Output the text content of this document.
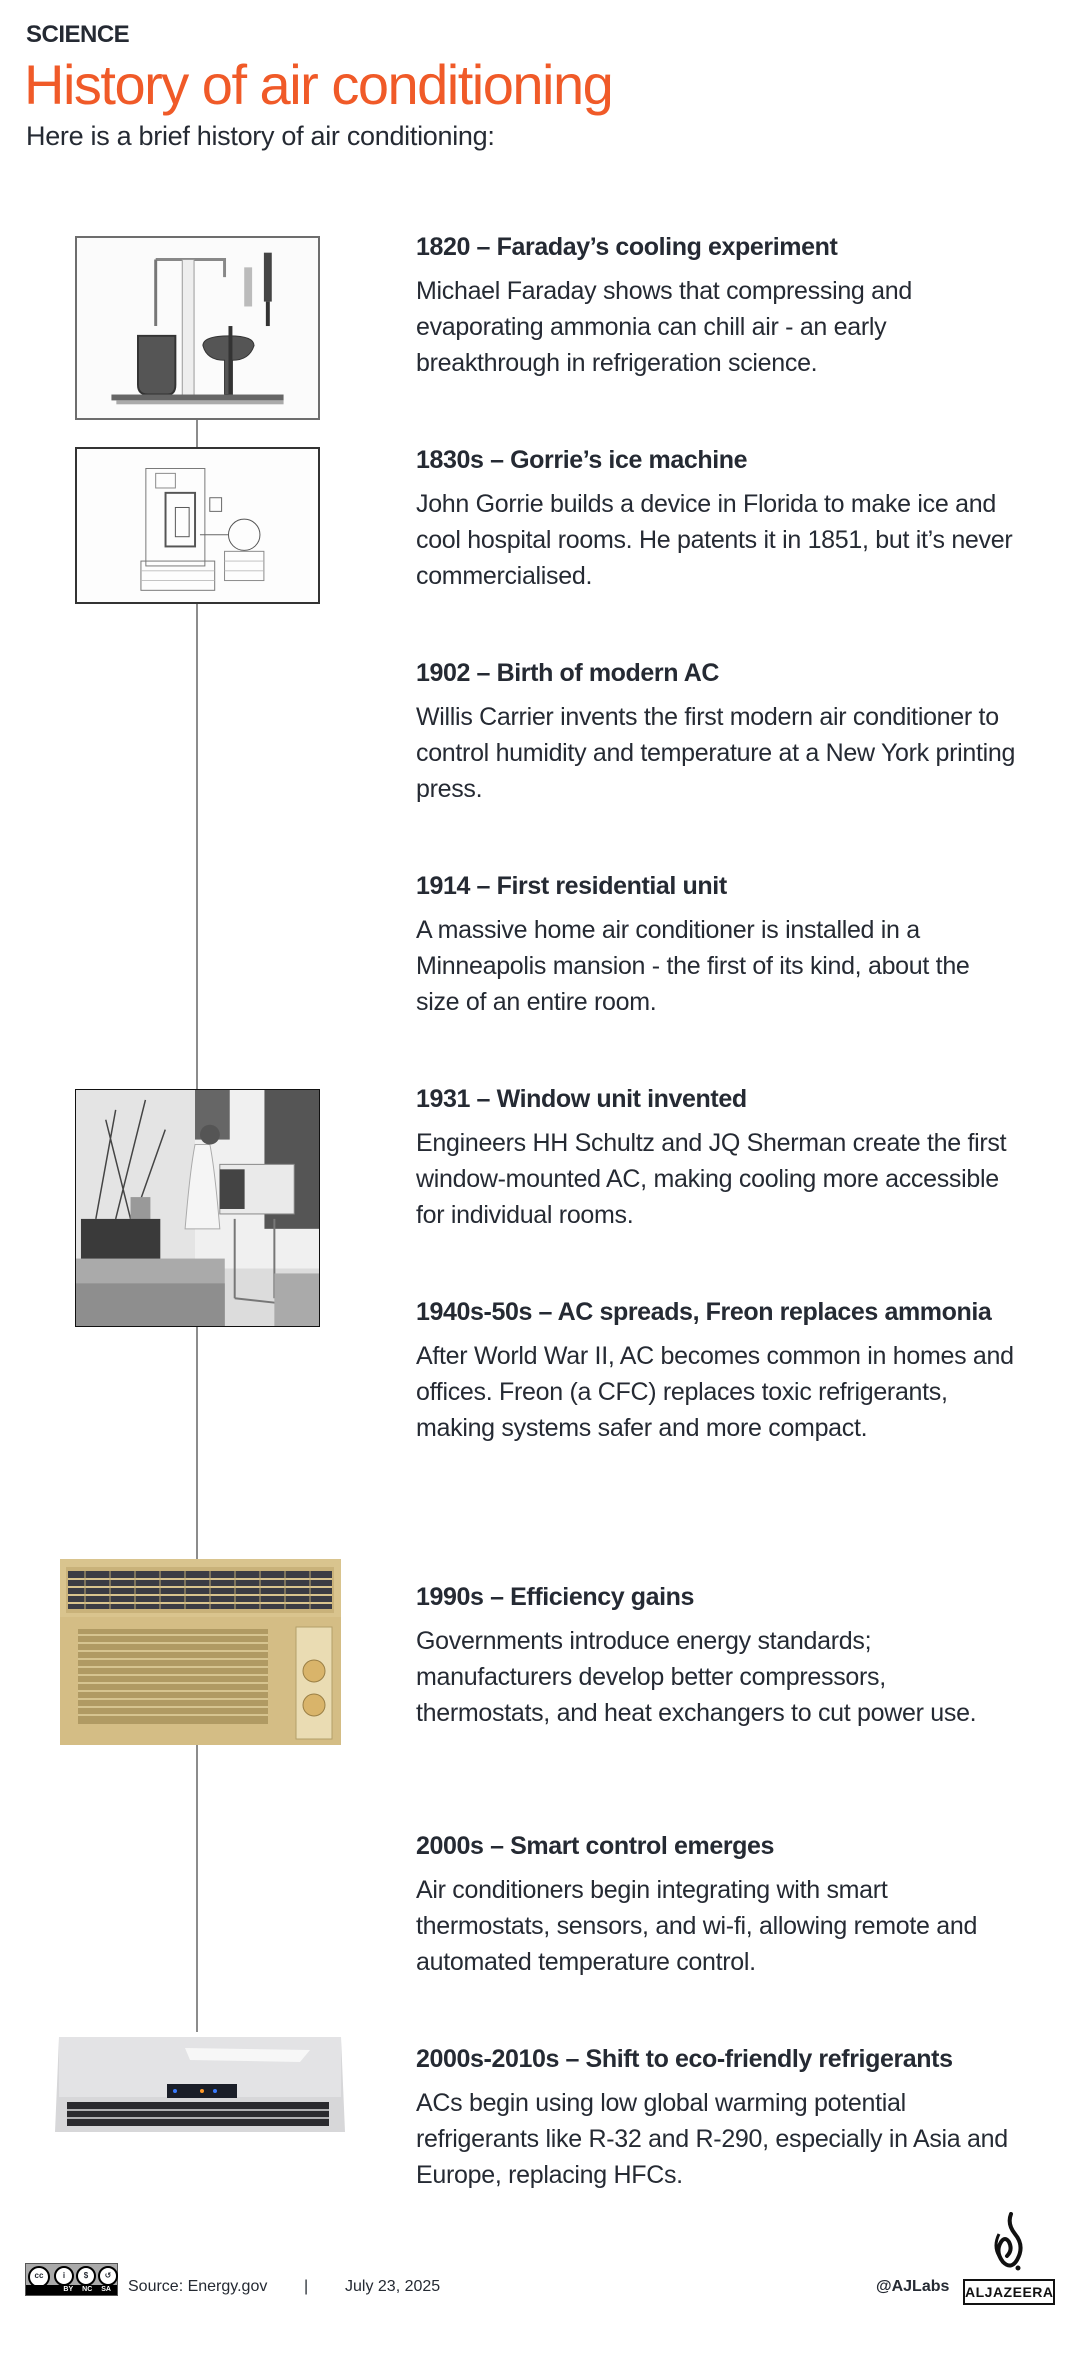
SCIENCE
History of air conditioning
Here is a brief history of air conditioning:
1820 – Faraday’s cooling experiment
Michael Faraday shows that compressing and evaporating ammonia can chill air - an early breakthrough in refrigeration science.
1830s – Gorrie’s ice machine
John Gorrie builds a device in Florida to make ice and cool hospital rooms. He patents it in 1851, but it’s never commercialised.
1902 – Birth of modern AC
Willis Carrier invents the first modern air conditioner to control humidity and temperature at a New York printing press.
1914 – First residential unit
A massive home air conditioner is installed in a Minneapolis mansion - the first of its kind, about the size of an entire room.
1931 – Window unit invented
Engineers HH Schultz and JQ Sherman create the first window-mounted AC, making cooling more accessible for individual rooms.
1940s-50s – AC spreads, Freon replaces ammonia
After World War II, AC becomes common in homes and offices. Freon (a CFC) replaces toxic refrigerants, making systems safer and more compact.
1990s – Efficiency gains
Governments introduce energy standards; manufacturers develop better compressors, thermostats, and heat exchangers to cut power use.
2000s – Smart control emerges
Air conditioners begin integrating with smart thermostats, sensors, and wi-fi, allowing remote and automated temperature control.
2000s-2010s – Shift to eco-friendly refrigerants
ACs begin using low global warming potential refrigerants like R-32 and R-290, especially in Asia and Europe, replacing HFCs.
cc	i	$	↺
BY NC SA Source: Energy.gov | July 23, 2025	@AJLabs ALJAZEERA
